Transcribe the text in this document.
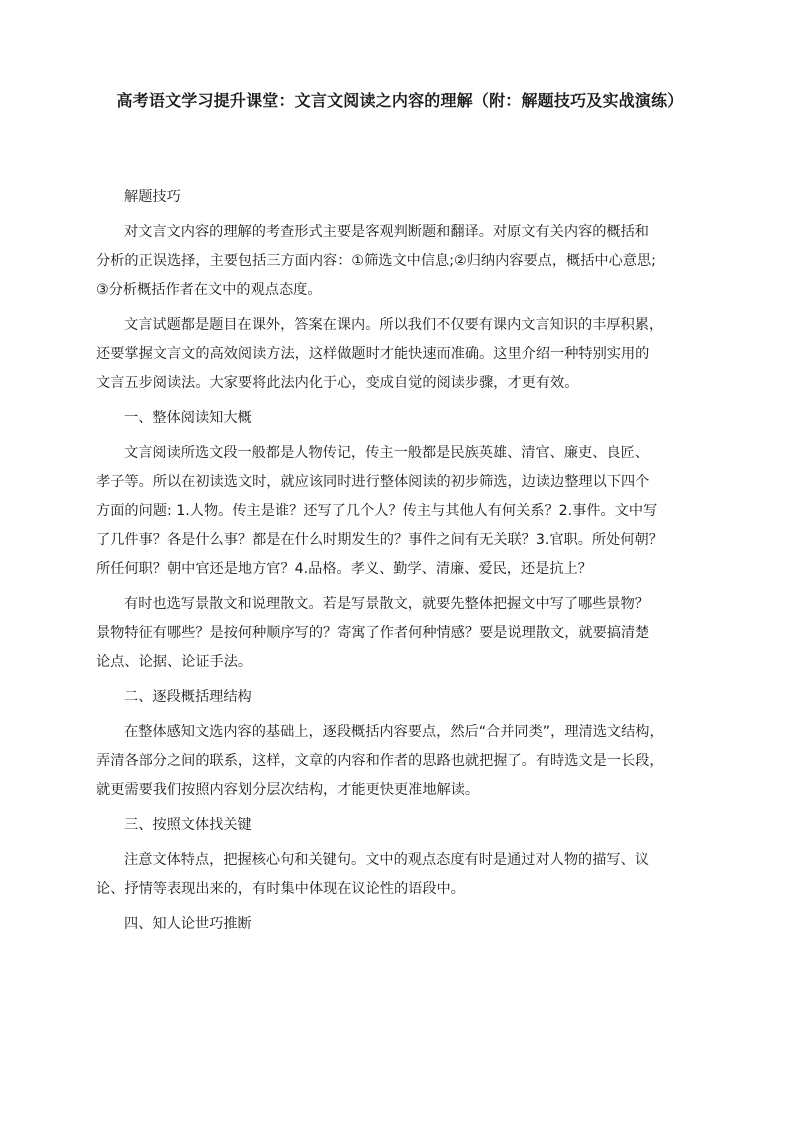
高考语文学习提升课堂：文言文阅读之内容的理解（附：解题技巧及实战演练）

解题技巧

对文言文内容的理解的考查形式主要是客观判断题和翻译。对原文有关内容的概括和
分析的正误选择，主要包括三方面内容：①筛选文中信息;②归纳内容要点，概括中心意思;
③分析概括作者在文中的观点态度。

文言试题都是题目在课外，答案在课内。所以我们不仅要有课内文言知识的丰厚积累，
还要掌握文言文的高效阅读方法，这样做题时才能快速而准确。这里介绍一种特别实用的
文言五步阅读法。大家要将此法内化于心，变成自觉的阅读步骤，才更有效。

一、整体阅读知大概

文言阅读所选文段一般都是人物传记，传主一般都是民族英雄、清官、廉吏、良匠、
孝子等。所以在初读选文时，就应该同时进行整体阅读的初步筛选，边读边整理以下四个
方面的问题: 1.人物。传主是谁？还写了几个人？传主与其他人有何关系？2.事件。文中写
了几件事？各是什么事？都是在什么时期发生的？事件之间有无关联？3.官职。所处何朝？
所任何职？朝中官还是地方官？4.品格。孝义、勤学、清廉、爱民，还是抗上？

有时也选写景散文和说理散文。若是写景散文，就要先整体把握文中写了哪些景物？
景物特征有哪些？是按何种顺序写的？寄寓了作者何种情感？要是说理散文，就要搞清楚
论点、论据、论证手法。

二、逐段概括理结构

在整体感知文选内容的基础上，逐段概括内容要点，然后“合并同类”，理清选文结构，
弄清各部分之间的联系，这样，文章的内容和作者的思路也就把握了。有時选文是一长段，
就更需要我们按照内容划分层次结构，才能更快更准地解读。

三、按照文体找关键

注意文体特点，把握核心句和关键句。文中的观点态度有时是通过对人物的描写、议
论、抒情等表现出来的，有时集中体现在议论性的语段中。

四、知人论世巧推断
